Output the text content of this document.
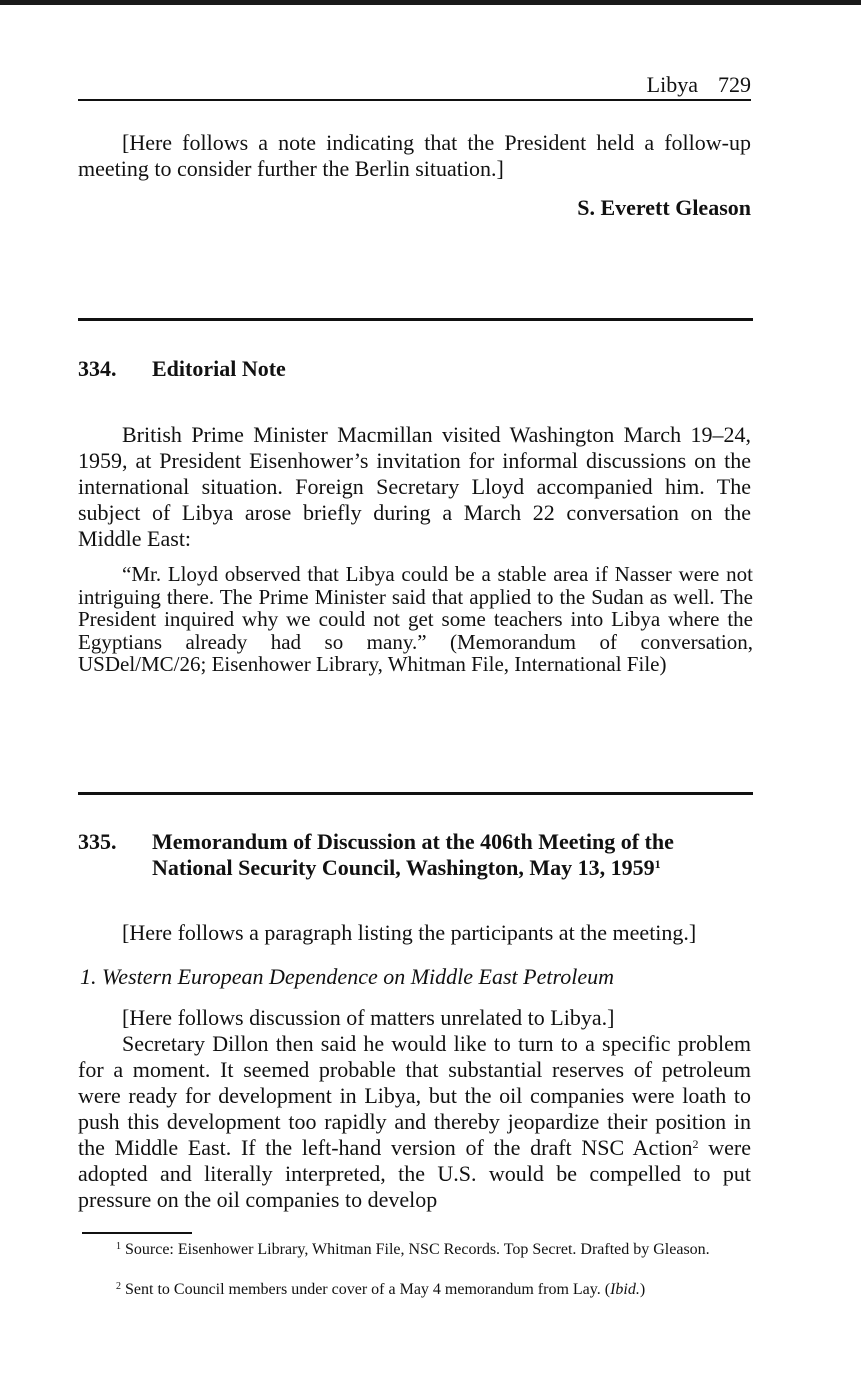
Libya 729

[Here follows a note indicating that the President held a follow-up meeting to consider further the Berlin situation.]

S. Everett Gleason
334. Editorial Note

British Prime Minister Macmillan visited Washington March 19–24, 1959, at President Eisenhower’s invitation for informal discussions on the international situation. Foreign Secretary Lloyd accompanied him. The subject of Libya arose briefly during a March 22 conversation on the Middle East:

“Mr. Lloyd observed that Libya could be a stable area if Nasser were not intriguing there. The Prime Minister said that applied to the Sudan as well. The President inquired why we could not get some teachers into Libya where the Egyptians already had so many.” (Memorandum of conversation, USDel/MC/26; Eisenhower Library, Whitman File, International File)

335. Memorandum of Discussion at the 406th Meeting of the
National Security Council, Washington, May 13, 1959$^1$

[Here follows a paragraph listing the participants at the meeting.]

1. Western European Dependence on Middle East Petroleum

[Here follows discussion of matters unrelated to Libya.]

Secretary Dillon then said he would like to turn to a specific problem for a moment. It seemed probable that substantial reserves of petroleum were ready for development in Libya, but the oil companies were loath to push this development too rapidly and thereby jeopardize their position in the Middle East. If the left-hand version of the draft NSC Action$^2$ were adopted and literally interpreted, the U.S. would be compelled to put pressure on the oil companies to develop

$^1$ Source: Eisenhower Library, Whitman File, NSC Records. Top Secret. Drafted by Gleason.

$^2$ Sent to Council members under cover of a May 4 memorandum from Lay. (Ibid.)
